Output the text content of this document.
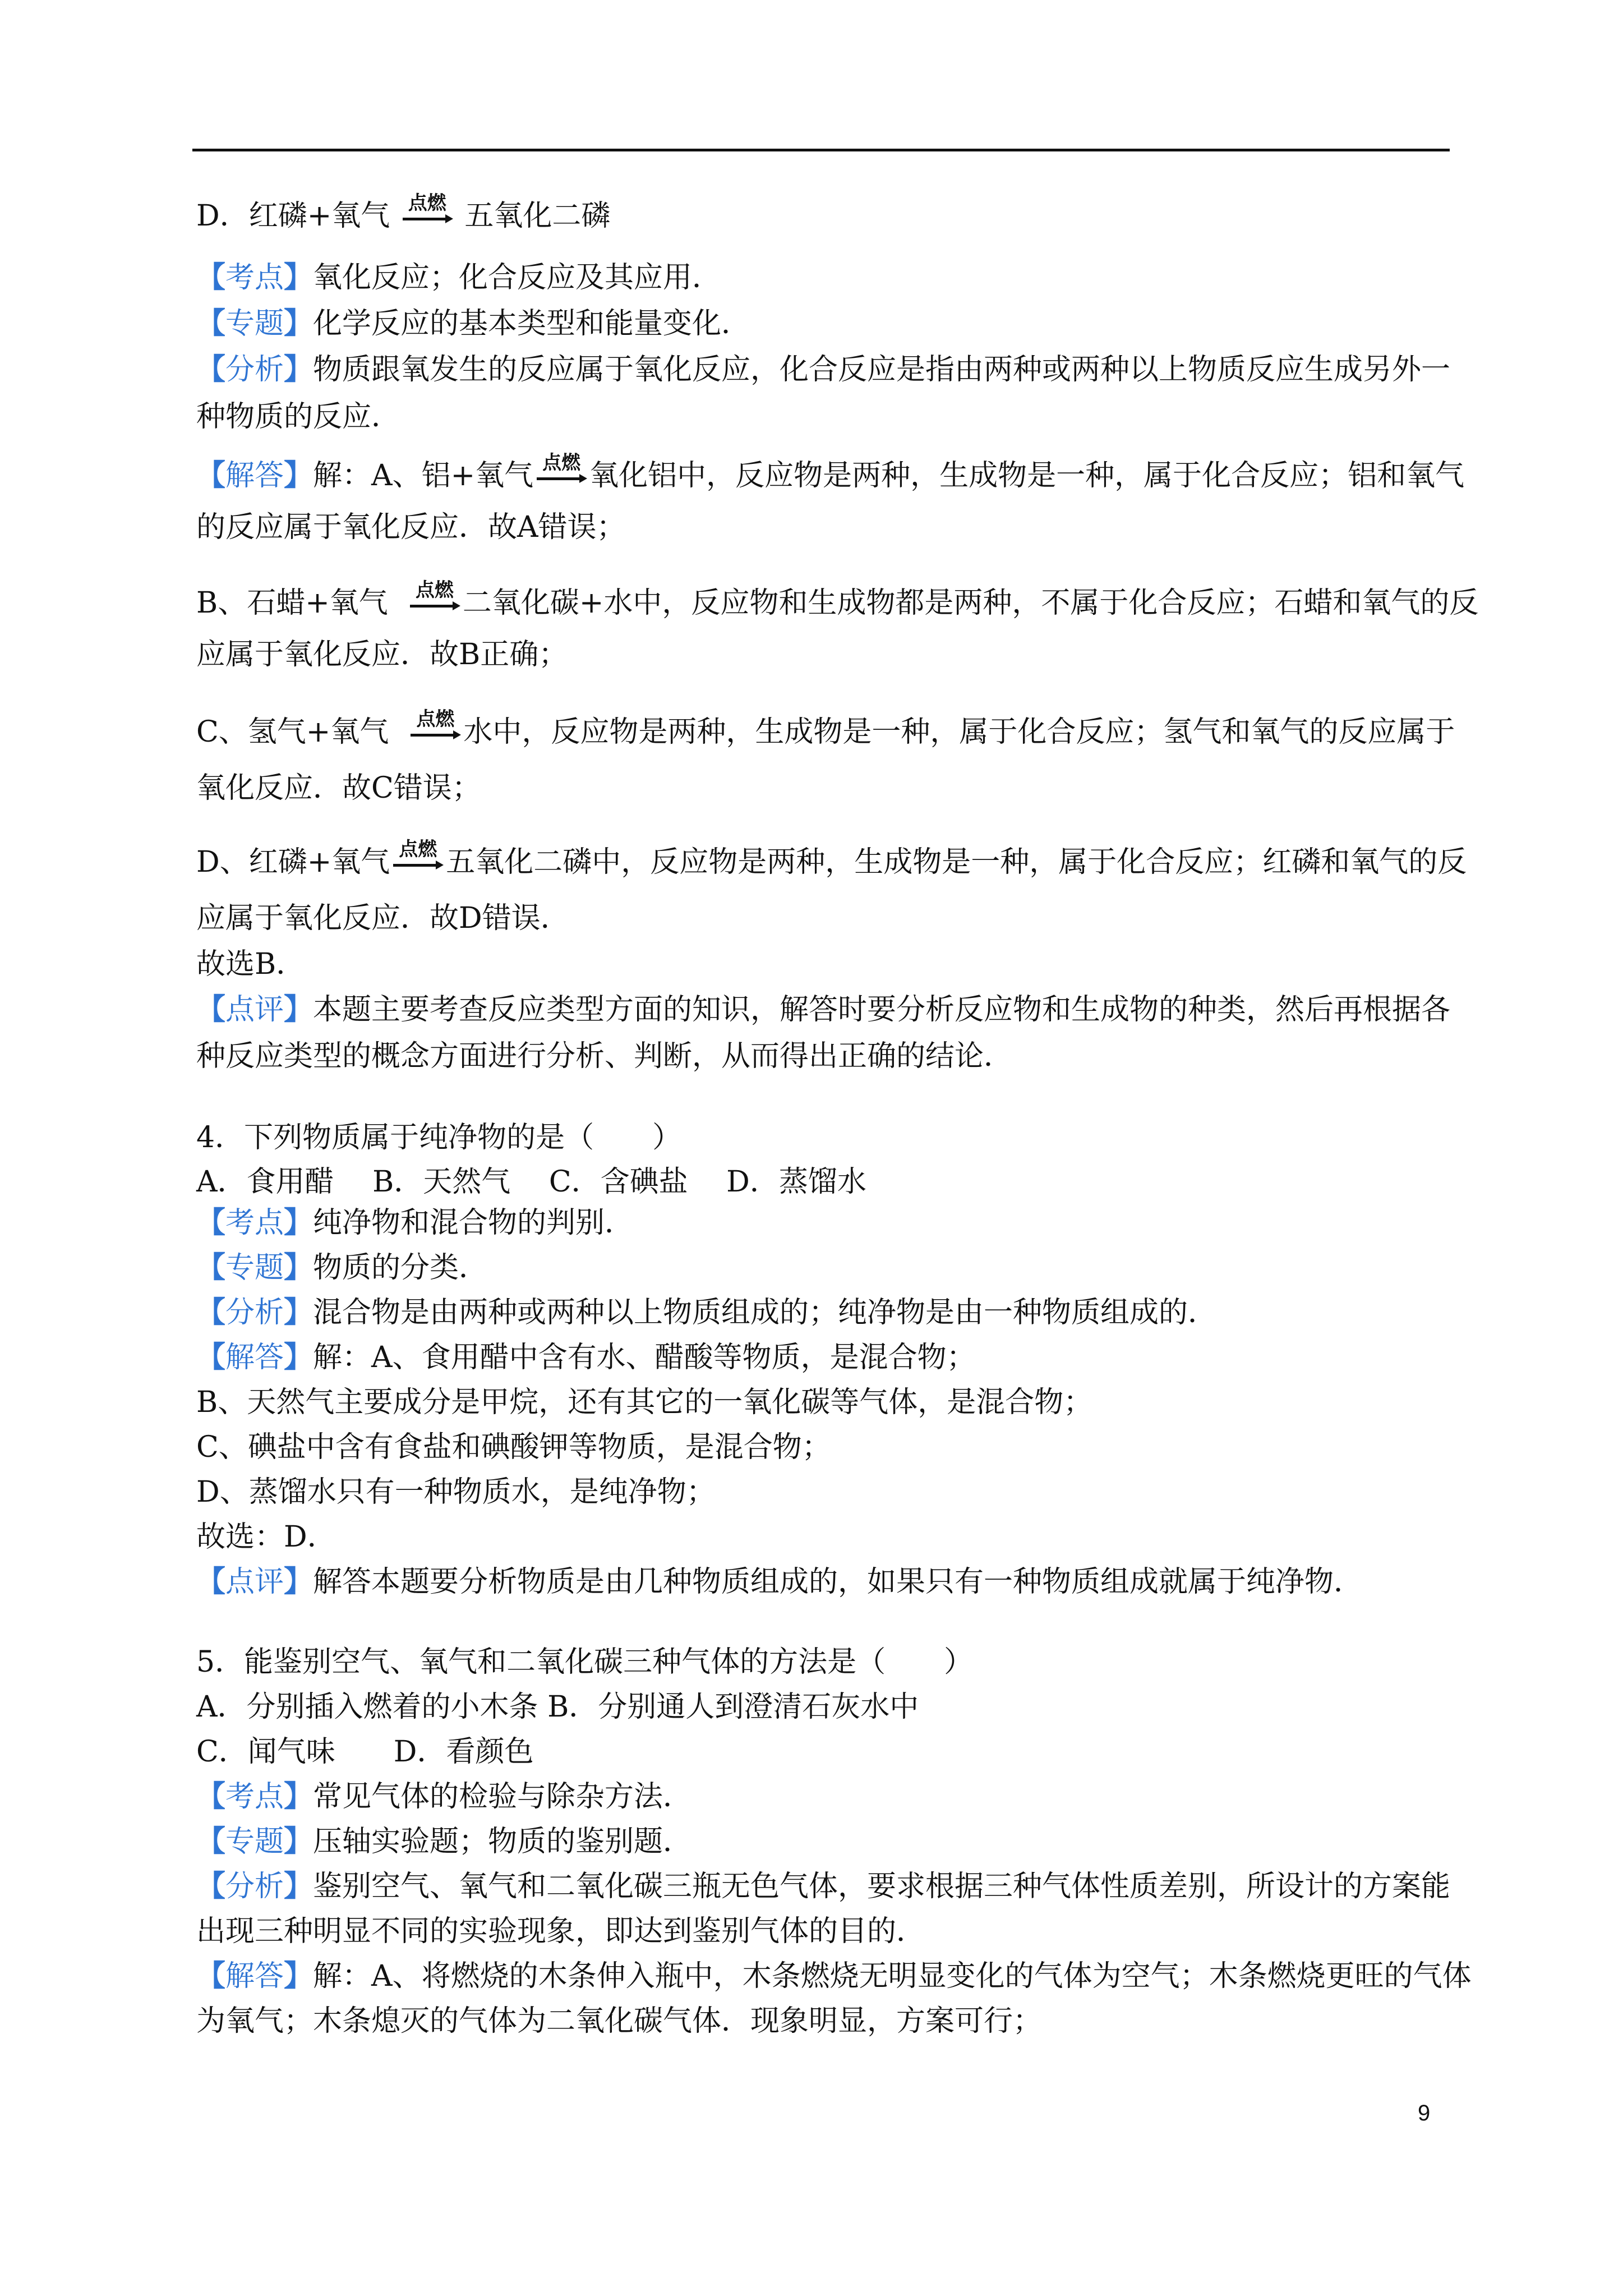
D．红磷+氧气 点燃 五氧化二磷
【考点】氧化反应；化合反应及其应用．
【专题】化学反应的基本类型和能量变化．
【分析】物质跟氧发生的反应属于氧化反应，化合反应是指由两种或两种以上物质反应生成另外一
种物质的反应．
【解答】解：A、铝+氧气 点燃 氧化铝中，反应物是两种，生成物是一种，属于化合反应；铝和氧气
的反应属于氧化反应．故A错误；
B、石蜡+氧气 点燃 二氧化碳+水中，反应物和生成物都是两种，不属于化合反应；石蜡和氧气的反
应属于氧化反应．故B正确；
C、氢气+氧气 点燃 水中，反应物是两种，生成物是一种，属于化合反应；氢气和氧气的反应属于
氧化反应．故C错误；
D、红磷+氧气 点燃 五氧化二磷中，反应物是两种，生成物是一种，属于化合反应；红磷和氧气的反
应属于氧化反应．故D错误．
故选B．
【点评】本题主要考查反应类型方面的知识，解答时要分析反应物和生成物的种类，然后再根据各
种反应类型的概念方面进行分析、判断，从而得出正确的结论．
4．下列物质属于纯净物的是（　　）
A．食用醋　 B．天然气　 C．含碘盐　 D．蒸馏水
【考点】纯净物和混合物的判别．
【专题】物质的分类．
【分析】混合物是由两种或两种以上物质组成的；纯净物是由一种物质组成的．
【解答】解：A、食用醋中含有水、醋酸等物质，是混合物；
B、天然气主要成分是甲烷，还有其它的一氧化碳等气体，是混合物；
C、碘盐中含有食盐和碘酸钾等物质，是混合物；
D、蒸馏水只有一种物质水，是纯净物；
故选：D．
【点评】解答本题要分析物质是由几种物质组成的，如果只有一种物质组成就属于纯净物．
5．能鉴别空气、氧气和二氧化碳三种气体的方法是（　　）
A．分别插入燃着的小木条 B．分别通人到澄清石灰水中
C．闻气味　　D．看颜色
【考点】常见气体的检验与除杂方法．
【专题】压轴实验题；物质的鉴别题．
【分析】鉴别空气、氧气和二氧化碳三瓶无色气体，要求根据三种气体性质差别，所设计的方案能
出现三种明显不同的实验现象，即达到鉴别气体的目的．
【解答】解：A、将燃烧的木条伸入瓶中，木条燃烧无明显变化的气体为空气；木条燃烧更旺的气体
为氧气；木条熄灭的气体为二氧化碳气体．现象明显，方案可行；
9
